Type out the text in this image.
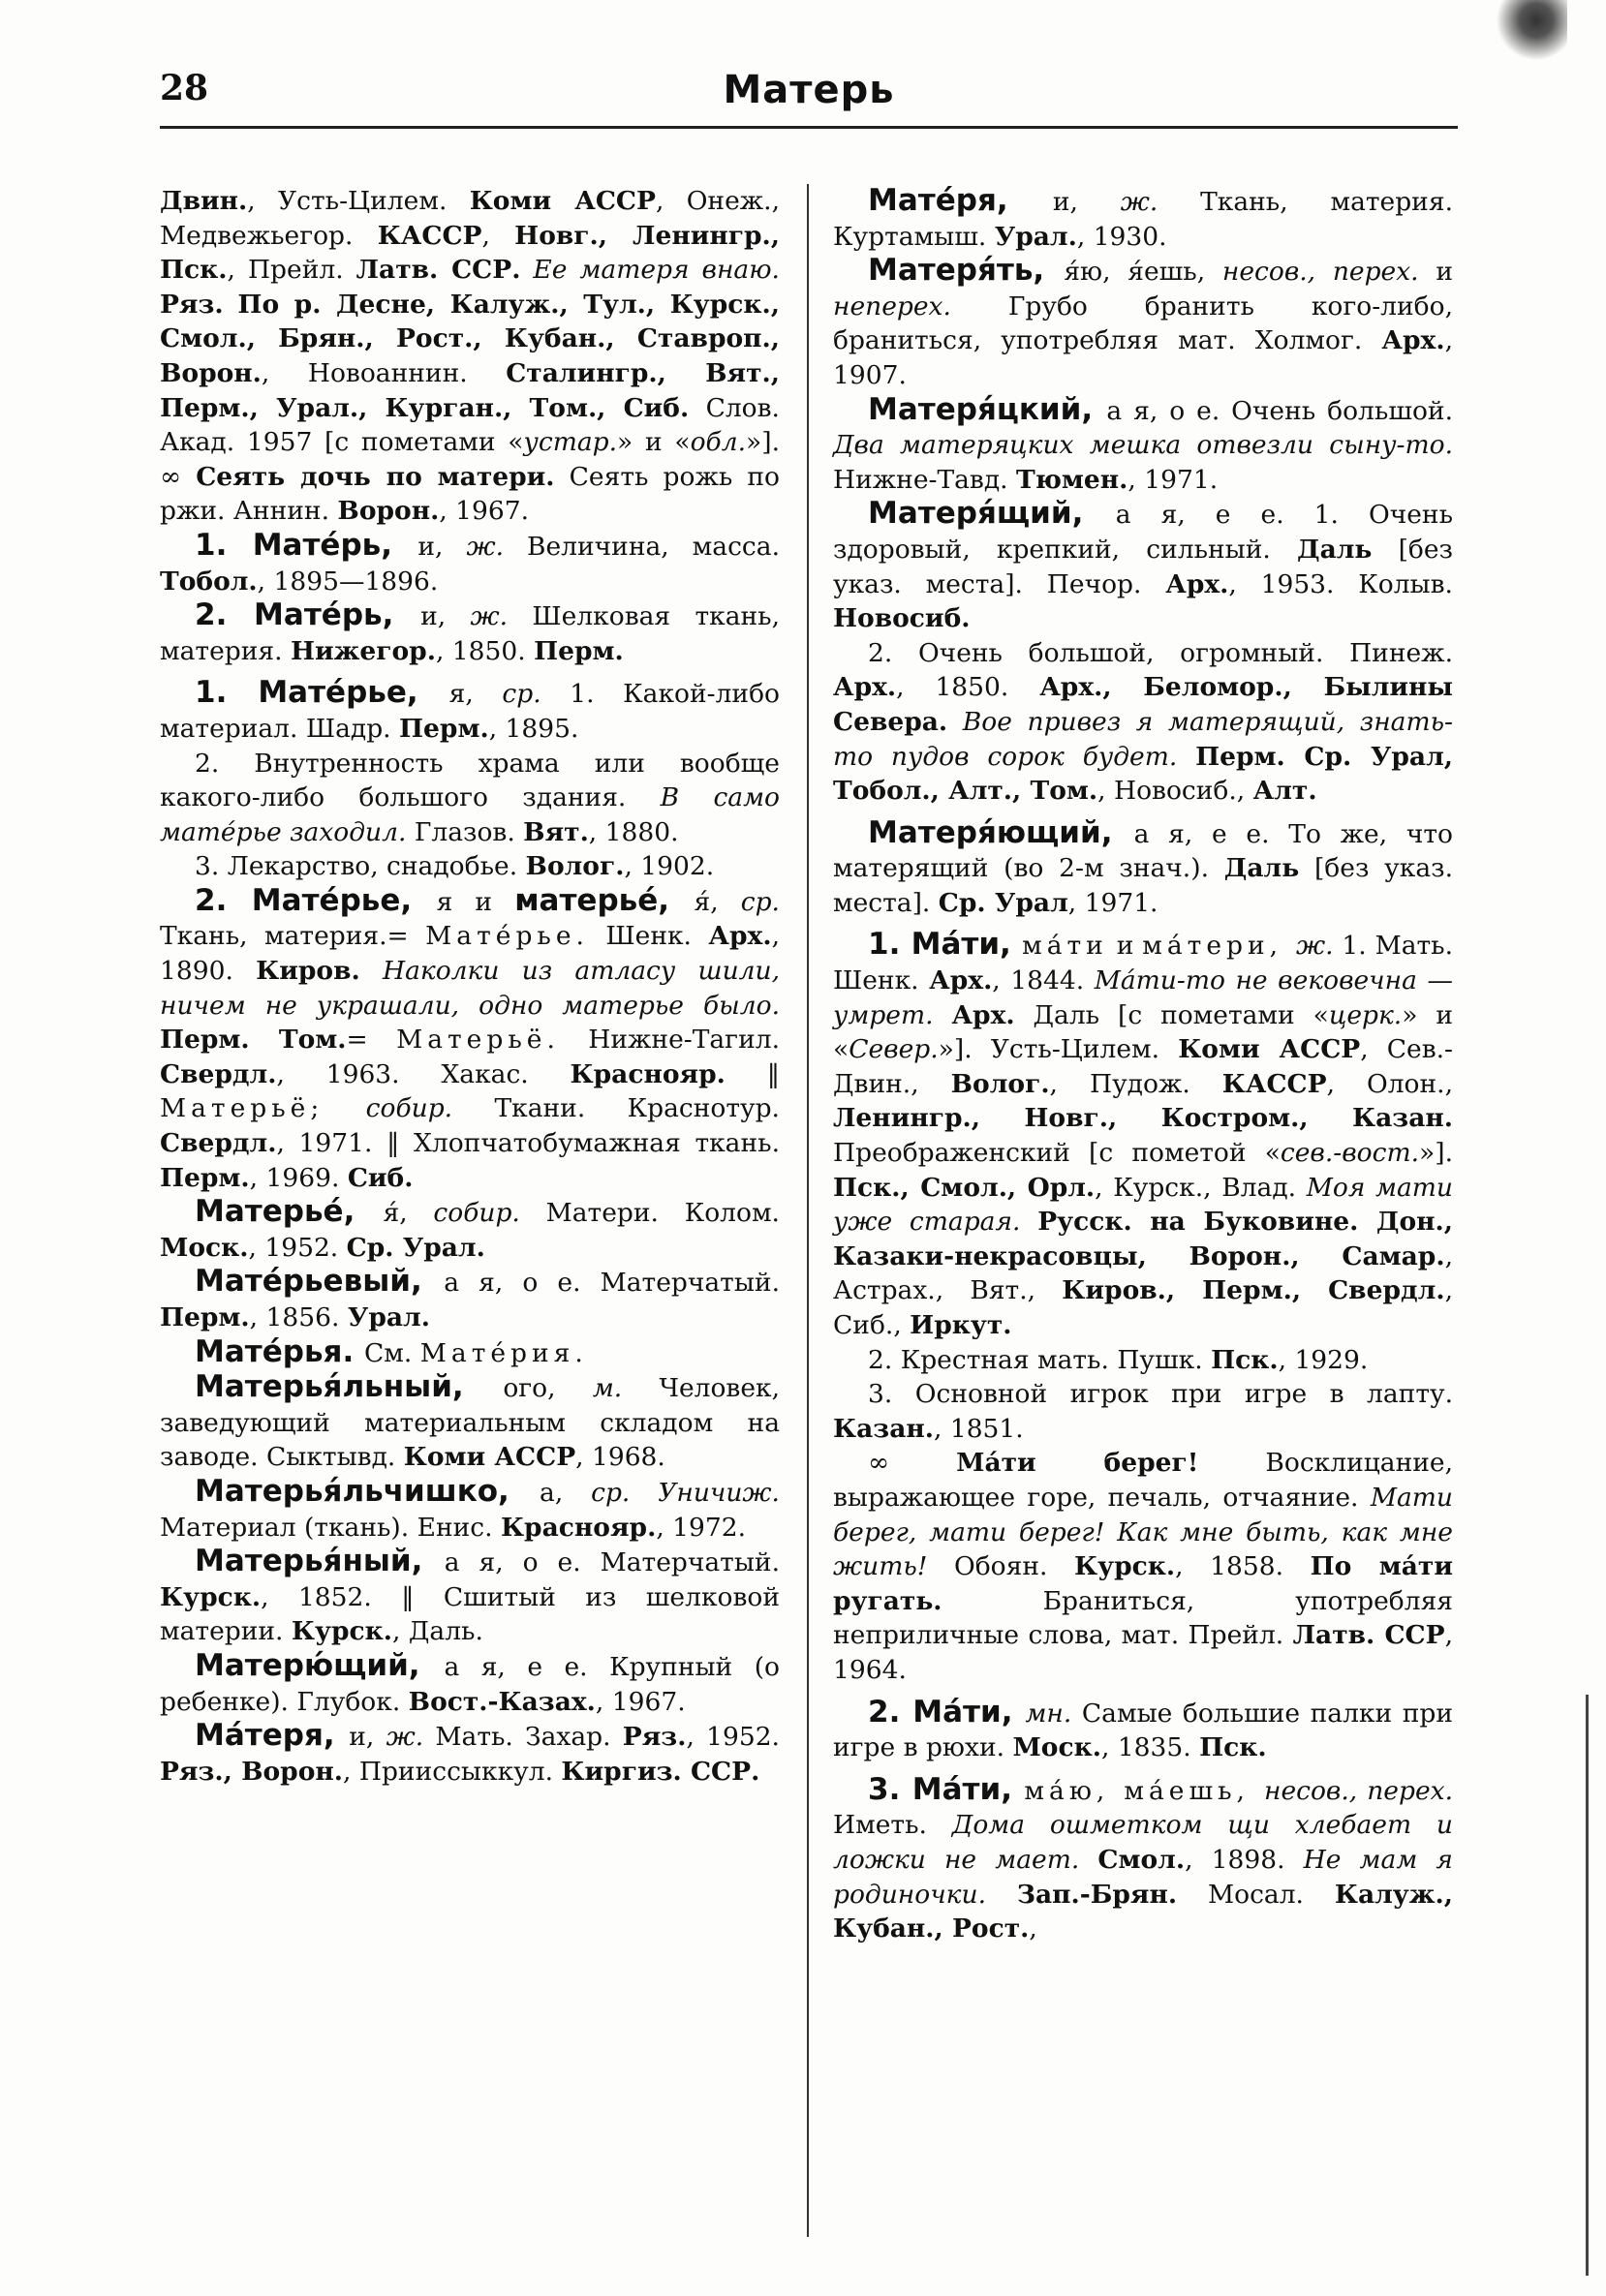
28	Матерь

Двин., Усть-Цилем. Коми АССР, Онеж., Медвежьегор. КАССР, Новг., Ленингр., Пск., Прейл. Латв. ССР. Ее матеря внаю. Ряз. По р. Десне, Калуж., Тул., Курск., Смол., Брян., Рост., Кубан., Ставроп., Ворон., Новоаннин. Сталингр., Вят., Перм., Урал., Курган., Том., Сиб. Слов. Акад. 1957 [с пометами «устар.» и «обл.»]. ∞ Сеять дочь по матери. Сеять рожь по ржи. Аннин. Ворон., 1967.

1. Матéрь, и, ж. Величина, масса. Тобол., 1895—1896.

2. Матéрь, и, ж. Шелковая ткань, материя. Нижегор., 1850. Перм.

1. Матéрье, я, ср. 1. Какой-либо материал. Шадр. Перм., 1895.

2. Внутренность храма или вообще какого-либо большого здания. В само матéрье заходил. Глазов. Вят., 1880.

3. Лекарство, снадобье. Волог., 1902.

2. Матéрье, я и матерьé, я́, ср. Ткань, материя.= Матéрье. Шенк. Арх., 1890. Киров. Наколки из атласу шили, ничем не украшали, одно матерье было. Перм. Том.= Матерьё. Нижне-Тагил. Свердл., 1963. Хакас. Краснояр. ‖ Матерьё; собир. Ткани. Краснотур. Свердл., 1971. ‖ Хлопчатобумажная ткань. Перм., 1969. Сиб.

Матерьé, я́, собир. Матери. Колом. Моск., 1952. Ср. Урал.

Матéрьевый, а я, о е. Матерчатый. Перм., 1856. Урал.

Матéрья. См. Матéрия.

Матерья́льный, ого, м. Человек, заведующий материальным складом на заводе. Сыктывд. Коми АССР, 1968.

Матерья́льчишко, а, ср. Уничиж. Материал (ткань). Енис. Краснояр., 1972.

Матерья́ный, а я, о е. Матерчатый. Курск., 1852. ‖ Сшитый из шелковой материи. Курск., Даль.

Матерю́щий, а я, е е. Крупный (о ребенке). Глубок. Вост.-Казах., 1967.

Мáтеря, и, ж. Мать. Захар. Ряз., 1952. Ряз., Ворон., Прииссыккул. Киргиз. ССР.

Матéря, и, ж. Ткань, материя. Куртамыш. Урал., 1930.

Матеря́ть, я́ю, я́ешь, несов., перех. и неперех. Грубо бранить кого-либо, браниться, употребляя мат. Холмог. Арх., 1907.

Матеря́цкий, а я, о е. Очень большой. Два матеряцких мешка отвезли сыну-то. Нижне-Тавд. Тюмен., 1971.

Матеря́щий, а я, е е. 1. Очень здоровый, крепкий, сильный. Даль [без указ. места]. Печор. Арх., 1953. Колыв. Новосиб.

2. Очень большой, огромный. Пинеж. Арх., 1850. Арх., Беломор., Былины Севера. Вое привез я матерящий, знать-то пудов сорок будет. Перм. Ср. Урал, Тобол., Алт., Том., Новосиб., Алт.

Матеря́ющий, а я, е е. То же, что матерящий (во 2-м знач.). Даль [без указ. места]. Ср. Урал, 1971.

1. Мáти, мáти и мáтери, ж. 1. Мать. Шенк. Арх., 1844. Мáти-то не вековечна — умрет. Арх. Даль [с пометами «церк.» и «Север.»]. Усть-Цилем. Коми АССР, Сев.-Двин., Волог., Пудож. КАССР, Олон., Ленингр., Новг., Костром., Казан. Преображенский [с пометой «сев.-вост.»]. Пск., Смол., Орл., Курск., Влад. Моя мати уже старая. Русск. на Буковине. Дон., Казаки-некрасовцы, Ворон., Самар., Астрах., Вят., Киров., Перм., Свердл., Сиб., Иркут.

2. Крестная мать. Пушк. Пск., 1929.

3. Основной игрок при игре в лапту. Казан., 1851.

∞ Мáти берег! Восклицание, выражающее горе, печаль, отчаяние. Мати берег, мати берег! Как мне быть, как мне жить! Обоян. Курск., 1858. По мáти ругать. Браниться, употребляя неприличные слова, мат. Прейл. Латв. ССР, 1964.

2. Мáти, мн. Самые большие палки при игре в рюхи. Моск., 1835. Пск.

3. Мáти, мáю, мáешь, несов., перех. Иметь. Дома ошметком щи хлебает и ложки не мает. Смол., 1898. Не мам я родиночки. Зап.-Брян. Мосал. Калуж., Кубан., Рост.,
